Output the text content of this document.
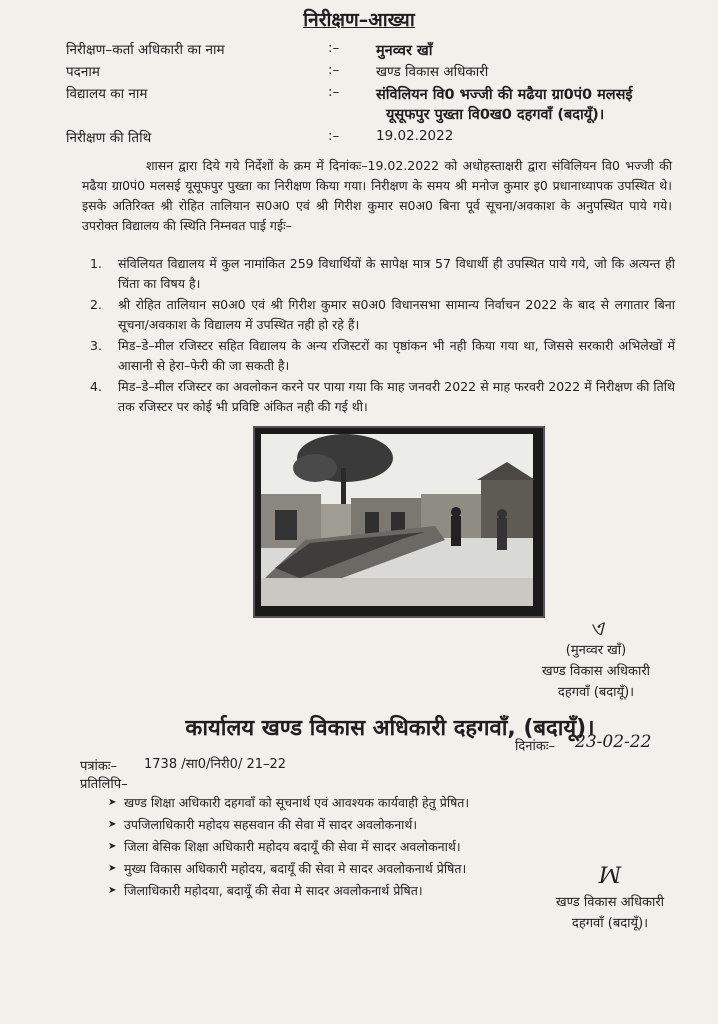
निरीक्षण–आख्या
निरीक्षण–कर्ता अधिकारी का नाम	:–	मुनव्वर खाँ
पदनाम	:–	खण्ड विकास अधिकारी
विद्यालय का नाम	:–	संविलियन वि0 भज्जी की मढैया ग्रा0पं0 मलसई
यूसूफपुर पुख्ता वि0ख0 दहगवाँ (बदायूँ)।
निरीक्षण की तिथि	:–	19.02.2022
शासन द्वारा दिये गये निर्देशों के क्रम में दिनांकः–19.02.2022 को अधोहस्ताक्षरी द्वारा संविलियन वि0 भज्जी की मढैया ग्रा0पं0 मलसई यूसूफपुर पुख्ता का निरीक्षण किया गया। निरीक्षण के समय श्री मनोज कुमार इ0 प्रधानाध्यापक उपस्थित थे। इसके अतिरिक्त श्री रोहित तालियान स0अ0 एवं श्री गिरीश कुमार स0अ0 बिना पूर्व सूचना/अवकाश के अनुपस्थित पाये गये। उपरोक्त विद्यालय की स्थिति निम्नवत पाई गईः–
1. संविलियत विद्यालय में कुल नामांकित 259 विधार्थियों के सापेक्ष मात्र 57 विधार्थी ही उपस्थित पाये गये, जो कि अत्यन्त ही चिंता का विषय है।
2. श्री रोहित तालियान स0अ0 एवं श्री गिरीश कुमार स0अ0 विधानसभा सामान्य निर्वाचन 2022 के बाद से लगातार बिना सूचना/अवकाश के विद्यालय में उपस्थित नही हो रहे हैं।
3. मिड–डे–मील रजिस्टर सहित विद्यालय के अन्य रजिस्टरों का पृष्ठांकन भी नही किया गया था, जिससे सरकारी अभिलेखों में आसानी से हेरा–फेरी की जा सकती है।
4. मिड–डे–मील रजिस्टर का अवलोकन करने पर पाया गया कि माह जनवरी 2022 से माह फरवरी 2022 में निरीक्षण की तिथि तक रजिस्टर पर कोई भी प्रविष्टि अंकित नही की गई थी।
ଏ
(मुनव्वर खाँ)
खण्ड विकास अधिकारी
दहगवाँ (बदायूँ)।
कार्यालय खण्ड विकास अधिकारी दहगवाँ, (बदायूँ)।
दिनांकः– 23-02-22
पत्रांकः– 1738 /सा0/निरी0/ 21–22
प्रतिलिपि–
➤ खण्ड शिक्षा अधिकारी दहगवाँ को सूचनार्थ एवं आवश्यक कार्यवाही हेतु प्रेषित।
➤ उपजिलाधिकारी महोदय सहसवान की सेवा में सादर अवलोकनार्थ।
➤ जिला बेसिक शिक्षा अधिकारी महोदय बदायूँ की सेवा में सादर अवलोकनार्थ।
➤ मुख्य विकास अधिकारी महोदय, बदायूँ की सेवा मे सादर अवलोकनार्थ प्रेषित।
➤ जिलाधिकारी महोदया, बदायूँ की सेवा मे सादर अवलोकनार्थ प्रेषित।
ꟽ
खण्ड विकास अधिकारी
दहगवाँ (बदायूँ)।
